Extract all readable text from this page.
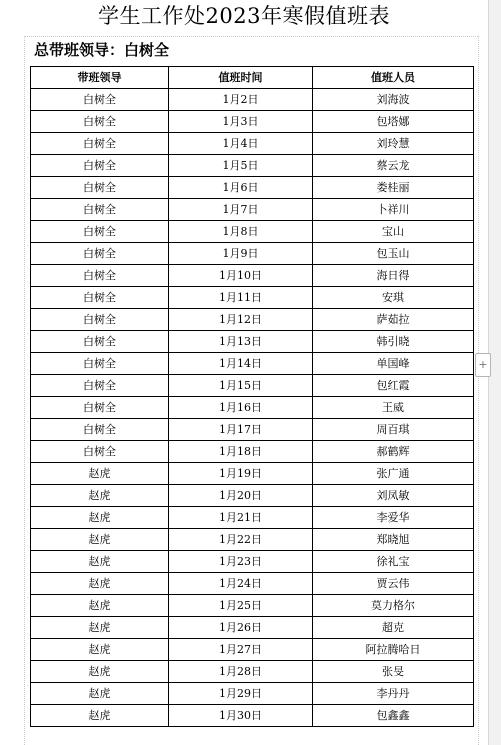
学生工作处2023年寒假值班表
总带班领导：白树全
带班领导	值班时间	值班人员
白树全	1月2日	刘海波
白树全	1月3日	包塔娜
白树全	1月4日	刘玲慧
白树全	1月5日	蔡云龙
白树全	1月6日	娄桂丽
白树全	1月7日	卜祥川
白树全	1月8日	宝山
白树全	1月9日	包玉山
白树全	1月10日	海日得
白树全	1月11日	安琪
白树全	1月12日	萨茹拉
白树全	1月13日	韩引晓
白树全	1月14日	单国峰
白树全	1月15日	包红霞
白树全	1月16日	王威
白树全	1月17日	周百琪
白树全	1月18日	郝鹤辉
赵虎	1月19日	张广通
赵虎	1月20日	刘凤敏
赵虎	1月21日	李爱华
赵虎	1月22日	郑晓旭
赵虎	1月23日	徐礼宝
赵虎	1月24日	贾云伟
赵虎	1月25日	莫力格尔
赵虎	1月26日	超克
赵虎	1月27日	阿拉腾哈日
赵虎	1月28日	张旻
赵虎	1月29日	李丹丹
赵虎	1月30日	包鑫鑫
+
